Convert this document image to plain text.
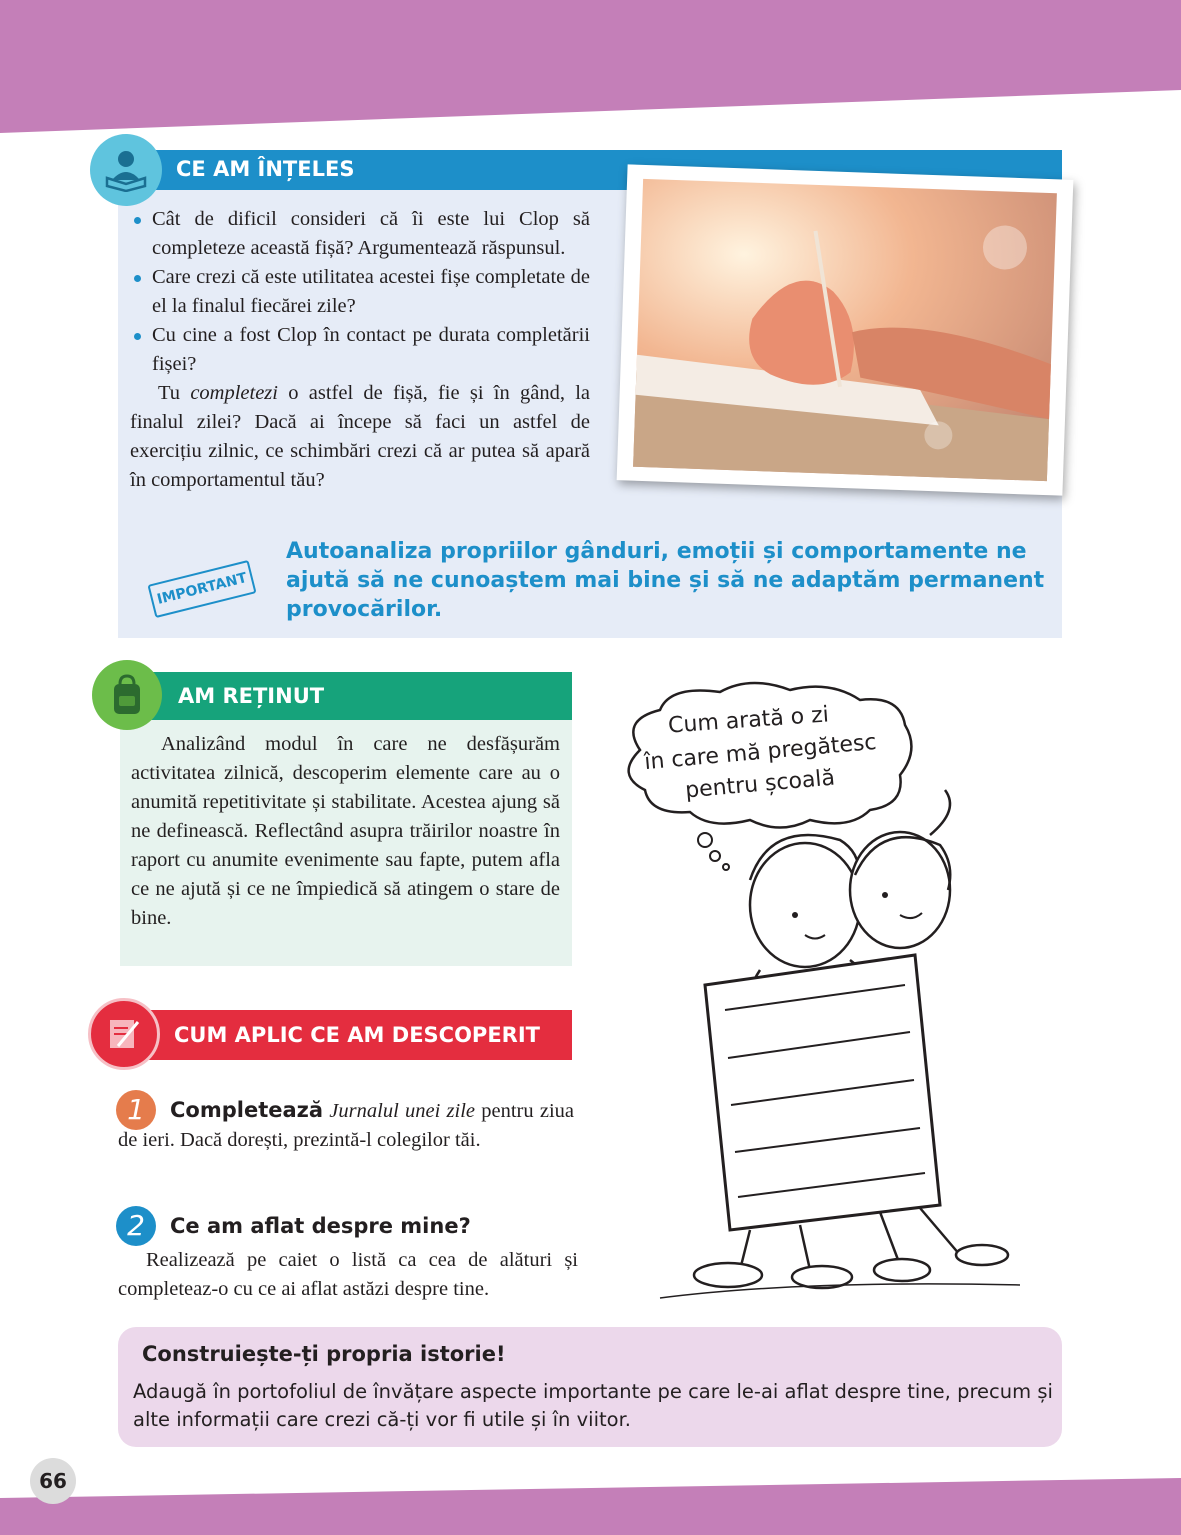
CE AM ÎNȚELES
Cât de dificil consideri că îi este lui Clop să completeze această fișă? Argumentează răspunsul.
Care crezi că este utilitatea acestei fișe completate de el la finalul fiecărei zile?
Cu cine a fost Clop în contact pe durata completării fișei?

Tu completezi o astfel de fișă, fie și în gând, la finalul zilei? Dacă ai începe să faci un astfel de exercițiu zilnic, ce schimbări crezi că ar putea să apară în comportamentul tău?

IMPORTANT
Autoanaliza propriilor gânduri, emoții și comportamente ne ajută să ne cunoaștem mai bine și să ne adaptăm permanent provocărilor.
AM REȚINUT
Analizând modul în care ne desfășurăm activitatea zilnică, descoperim elemente care au o anumită repetitivitate și stabilitate. Acestea ajung să ne definească. Reflectând asupra trăirilor noastre în raport cu anumite evenimente sau fapte, putem afla ce ne ajută și ce ne împiedică să atingem o stare de bine.
CUM APLIC CE AM DESCOPERIT
1	Completează Jurnalul unei zile pentru ziua de ieri. Dacă dorești, prezintă-l colegilor tăi.
2	Ce am aflat despre mine?
Realizează pe caiet o listă ca cea de alături și completeaz-o cu ce ai aflat astăzi despre tine.
Cum arată o zi
în care mă pregătesc
pentru școală
Construiește-ți propria istorie!
Adaugă în portofoliul de învățare aspecte importante pe care le-ai aflat despre tine, precum și alte informații care crezi că-ți vor fi utile și în viitor.
66
